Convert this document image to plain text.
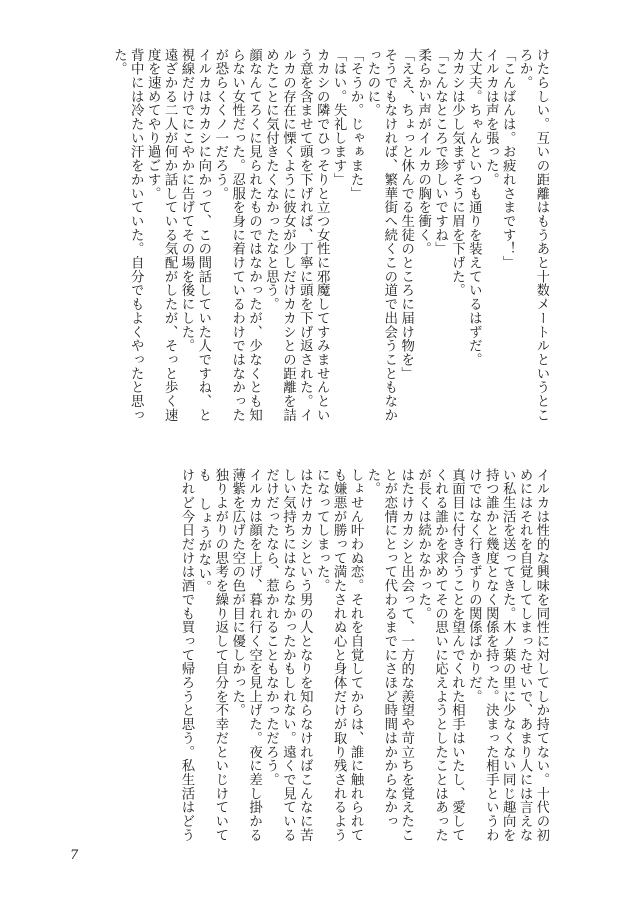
けたらしい。互いの距離はもうあと十数メートルというところか。

「こんばんは。お疲れさまです！」

イルカは声を張った。

大丈夫。ちゃんといつも通りを装えているはずだ。

カカシは少し気まずそうに眉を下げた。

「こんなところで珍しいですね」

柔らかい声がイルカの胸を衝く。

「ええ、ちょっと休んでる生徒のところに届け物を」

そうでもなければ、繁華街へ続くこの道で出会うこともなかったのに。

「そうか。じゃぁまた」

「はい。失礼します」

カカシの隣でひっそりと立つ女性に邪魔してすみませんという意を含ませて頭を下げれば、丁寧に頭を下げ返された。イルカの存在に慄くように彼女が少しだけカカシとの距離を詰めたことに気付きたくなかったなと思う。

顔なんてろくに見られたものではなかったが、少なくとも知らない女性だった。忍服を身に着けているわけではなかったが恐らくくノ一だろう。

イルカはカカシに向かって、この間話していた人ですね、と視線だけでにこやかに告げてその場を後にした。

遠ざかる二人が何か話している気配がしたが、そっと歩く速度を速めてやり過ごす。

背中には冷たい汗をかいていた。自分でもよくやったと思った。

イルカは性的な興味を同性に対してしか持てない。十代の初めにはそれを自覚してしまったせいで、あまり人には言えない私生活を送ってきた。木ノ葉の里に少なくない同じ趣向を持つ誰かと幾度となく関係を持った。決まった相手というわけではなく行きずりの関係ばかりだ。

真面目に付き合うことを望んでくれた相手はいたし、愛してくれる誰かを求めてその思いに応えようとしたことはあったが長くは続かなかった。

はたけカカシと出会って、一方的な羨望や苛立ちを覚えたことが恋情にとって代わるまでにさほど時間はかからなかった。

しょせん叶わぬ恋。それを自覚してからは、誰に触れられても嫌悪が勝って満たされぬ心と身体だけが取り残されるようになってしまった。

はたけカカシという男の人となりを知らなければこんなに苦しい気持ちにはならなかったかもしれない。遠くで見ているだけだったなら、惹かれることもなかっただろう。

イルカは顔を上げ、暮れ行く空を見上げた。夜に差し掛かる薄紫を広げた空の色が目に優しかった。

独りよがりの思考を繰り返して自分を不幸だといじけていても しょうがない。

けれど今日だけは酒でも買って帰ろうと思う。私生活はどう

7
